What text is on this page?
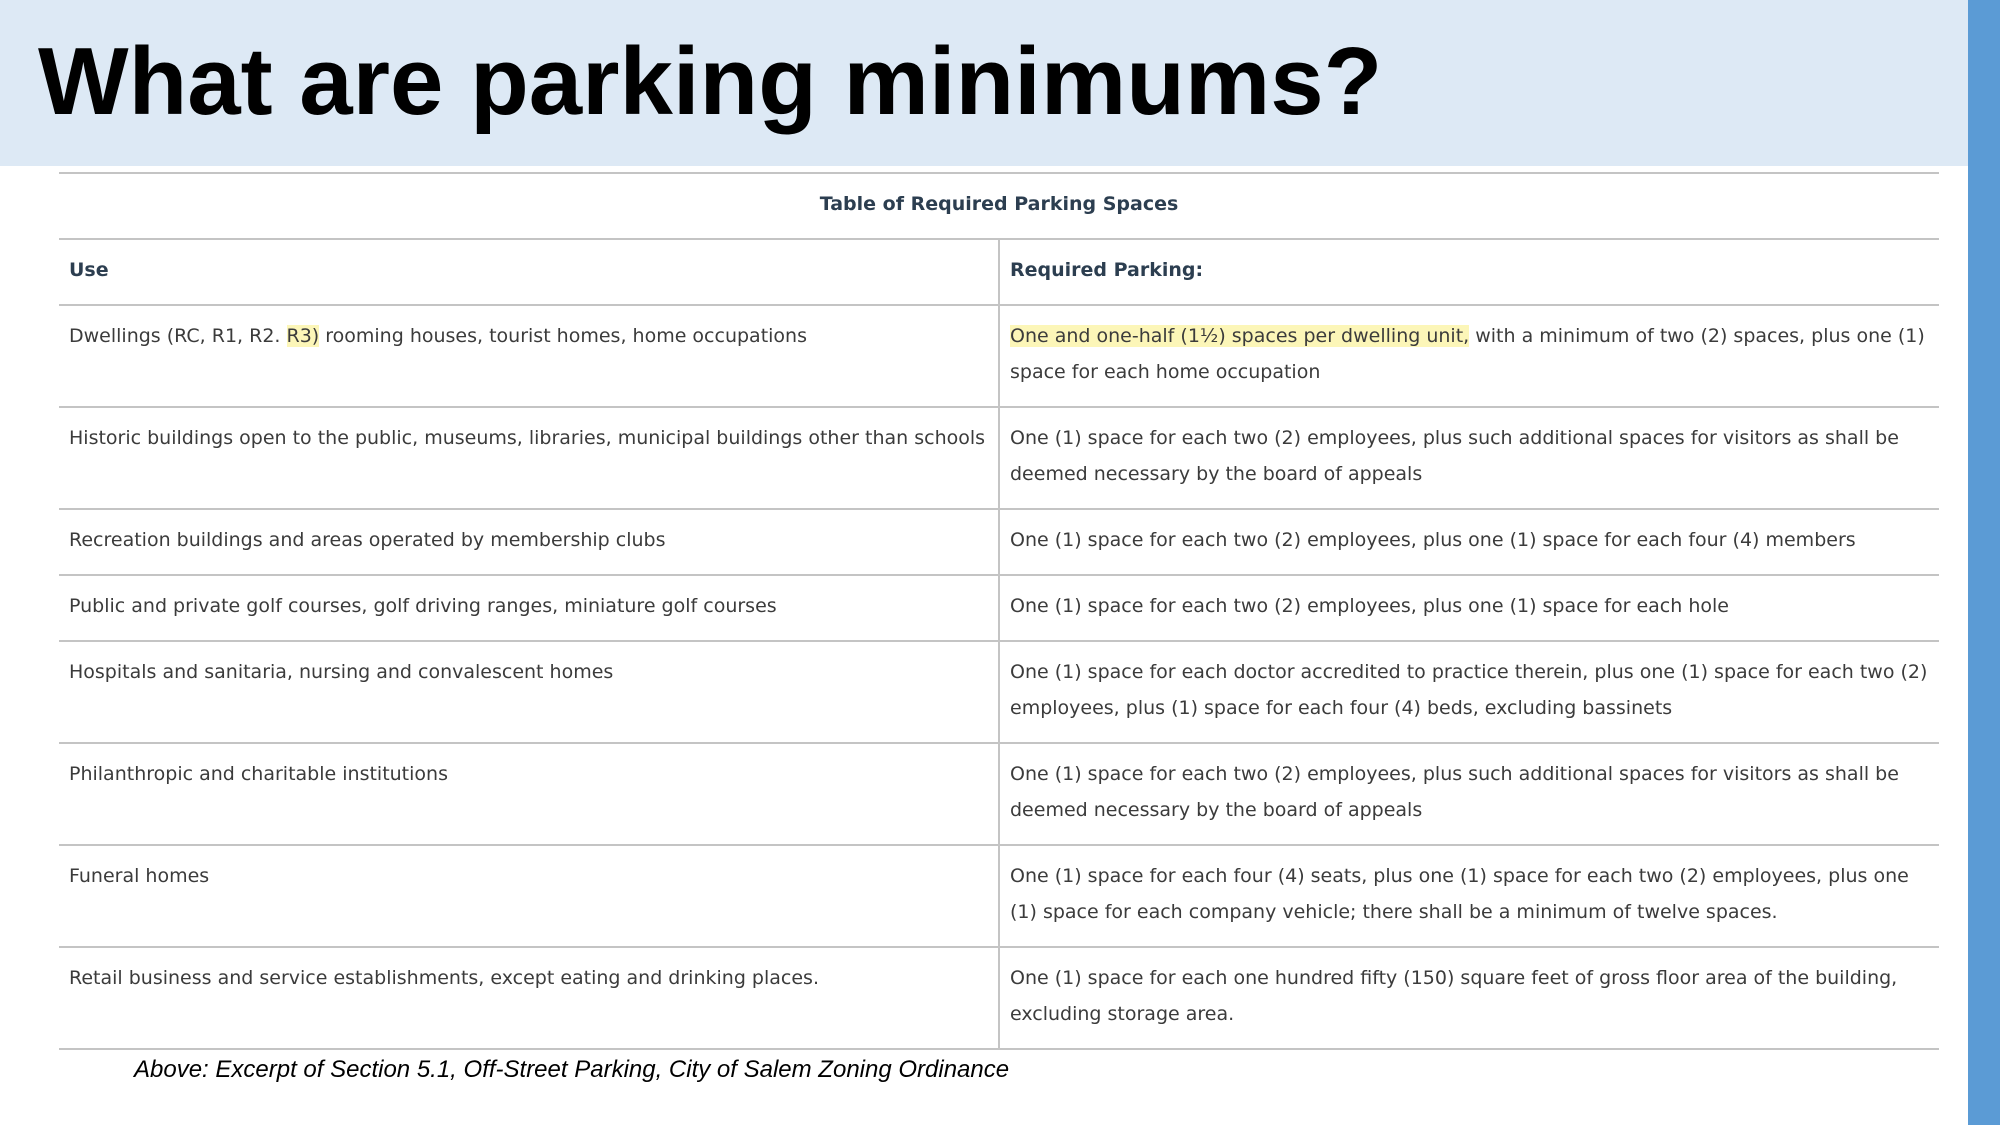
What are parking minimums?
Table of Required Parking Spaces	
Use	Required Parking:
Dwellings (RC, R1, R2. R3) rooming houses, tourist homes, home occupations	One and one-half (1½) spaces per dwelling unit, with a minimum of two (2) spaces, plus one (1) space for each home occupation
Historic buildings open to the public, museums, libraries, municipal buildings other than schools	One (1) space for each two (2) employees, plus such additional spaces for visitors as shall be deemed necessary by the board of appeals
Recreation buildings and areas operated by membership clubs	One (1) space for each two (2) employees, plus one (1) space for each four (4) members
Public and private golf courses, golf driving ranges, miniature golf courses	One (1) space for each two (2) employees, plus one (1) space for each hole
Hospitals and sanitaria, nursing and convalescent homes	One (1) space for each doctor accredited to practice therein, plus one (1) space for each two (2) employees, plus (1) space for each four (4) beds, excluding bassinets
Philanthropic and charitable institutions	One (1) space for each two (2) employees, plus such additional spaces for visitors as shall be deemed necessary by the board of appeals
Funeral homes	One (1) space for each four (4) seats, plus one (1) space for each two (2) employees, plus one (1) space for each company vehicle; there shall be a minimum of twelve spaces.
Retail business and service establishments, except eating and drinking places.	One (1) space for each one hundred fifty (150) square feet of gross floor area of the building, excluding storage area.

Above: Excerpt of Section 5.1, Off-Street Parking, City of Salem Zoning Ordinance
